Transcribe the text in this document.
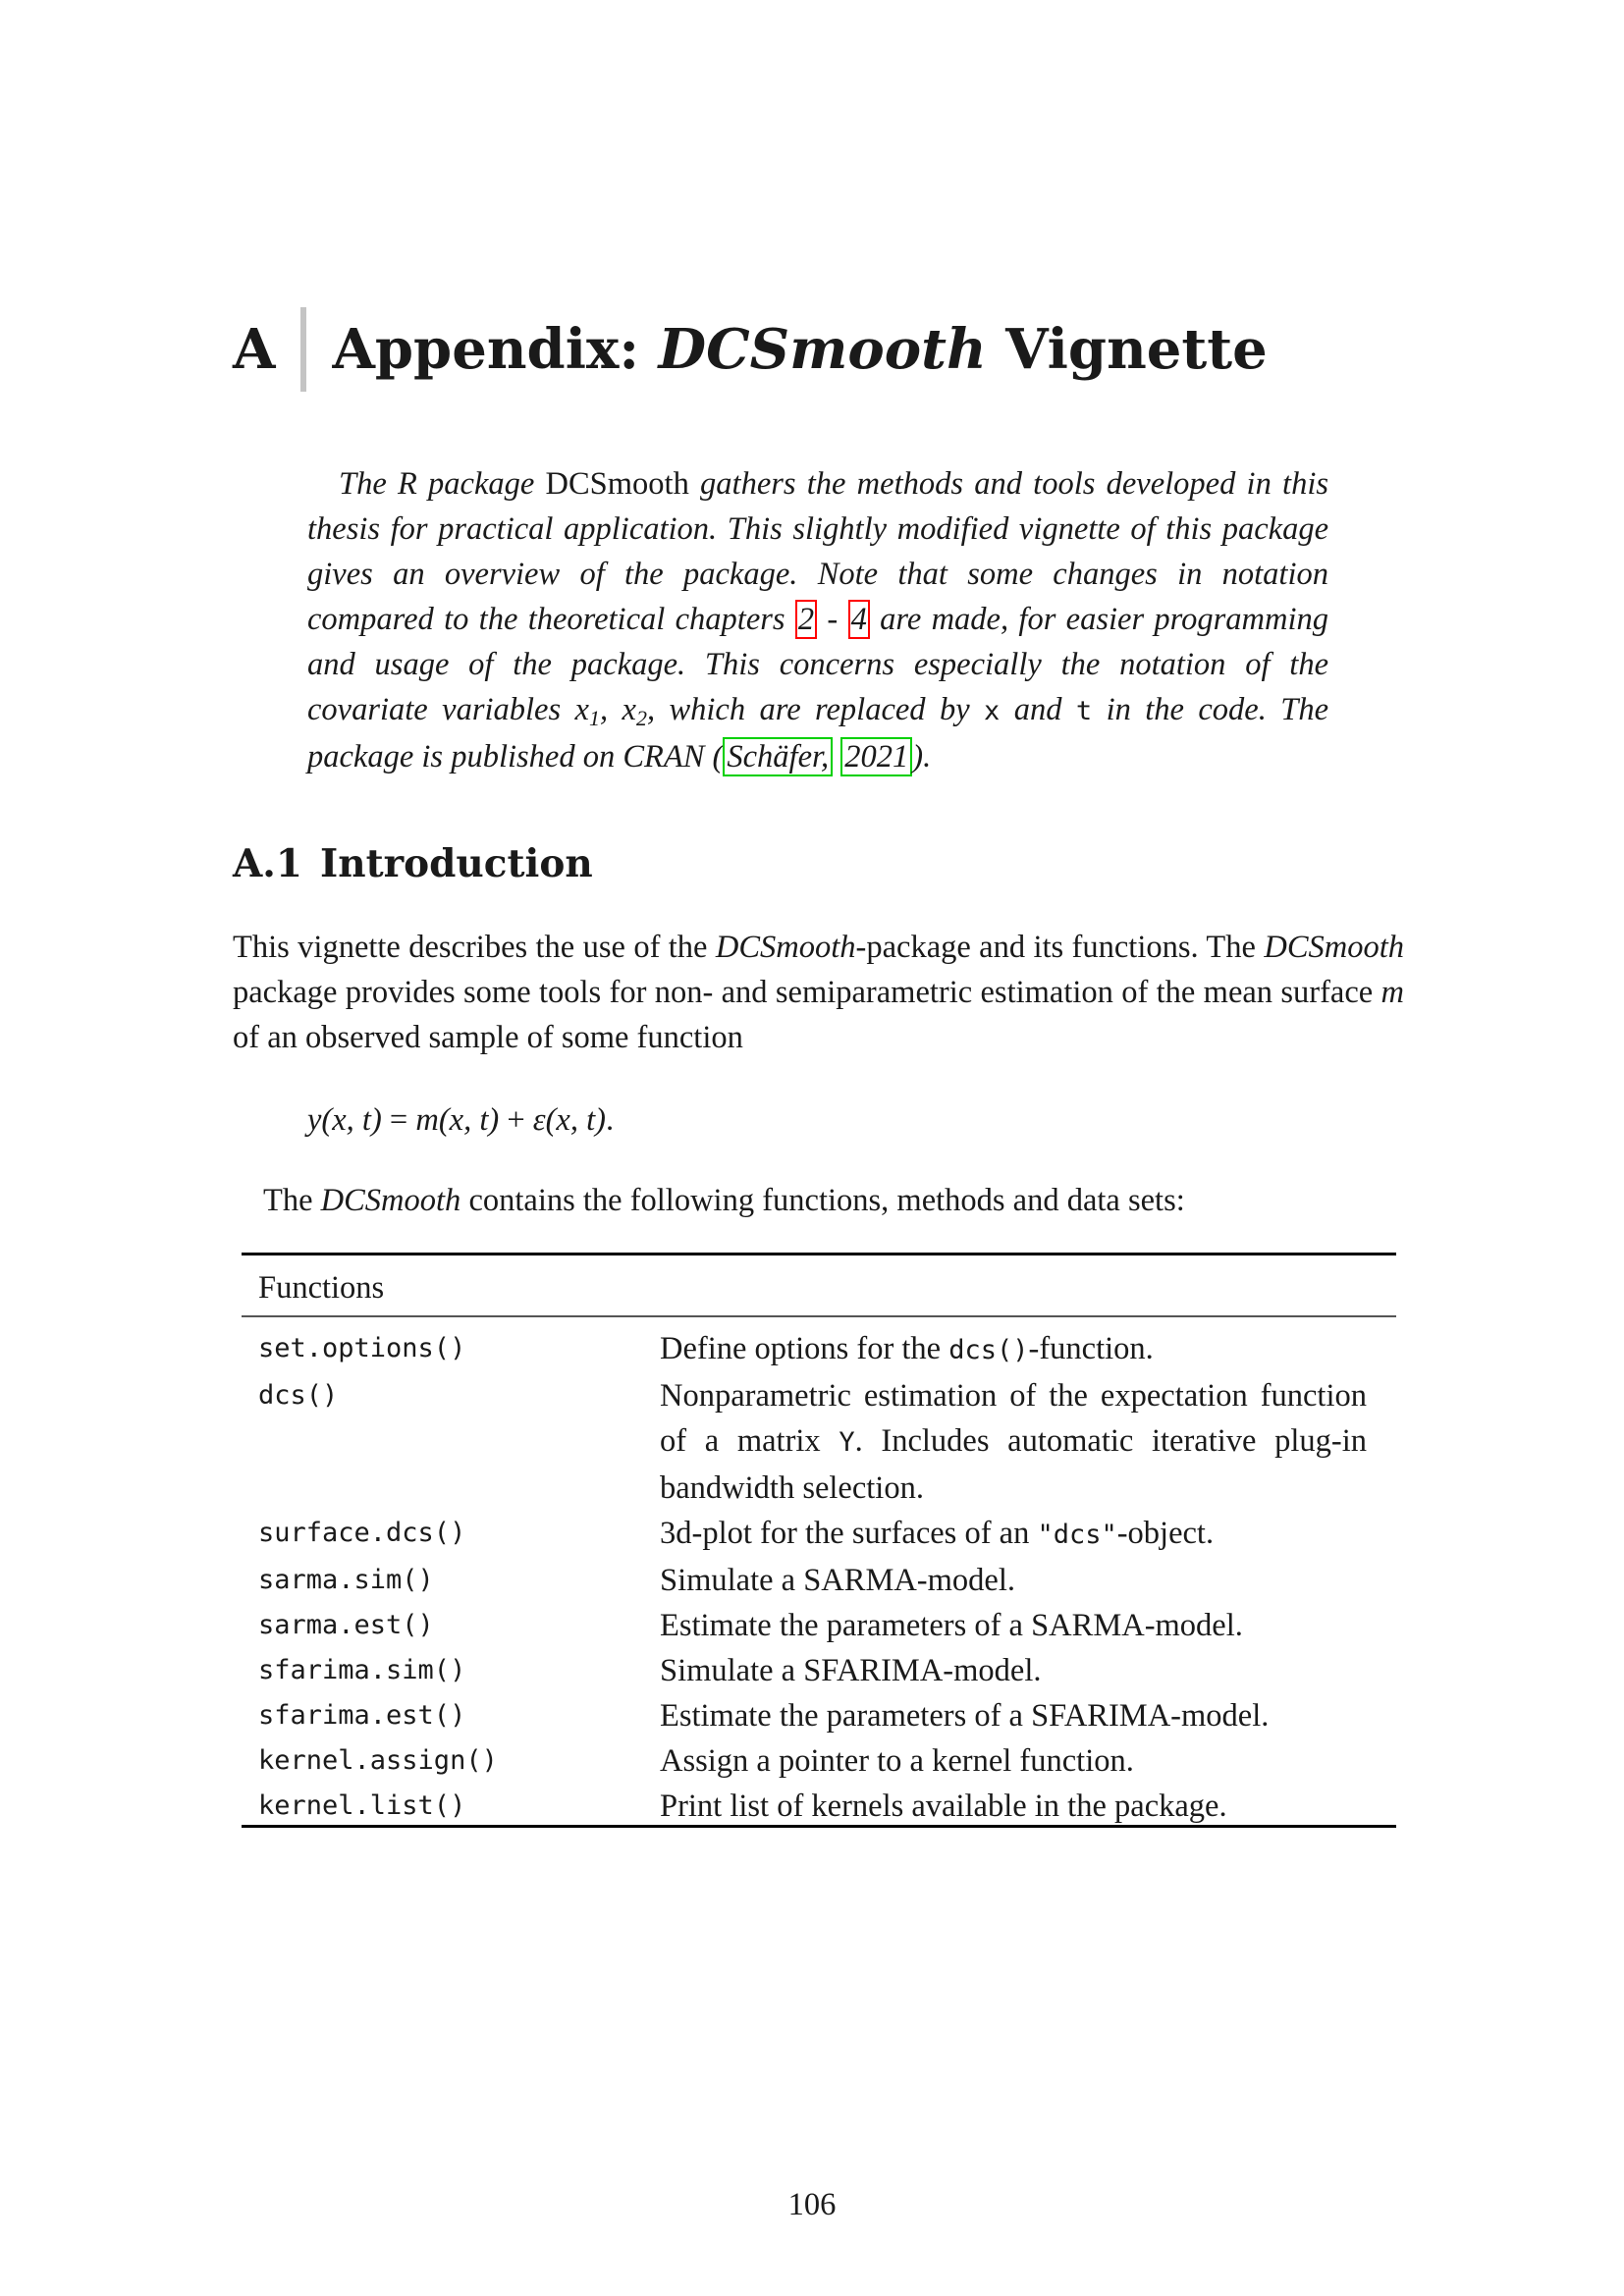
A Appendix: DCSmooth Vignette
The R package DCSmooth gathers the methods and tools developed in this thesis for practical application. This slightly modified vignette of this package gives an overview of the package. Note that some changes in notation compared to the theoretical chapters 2 - 4 are made, for easier programming and usage of the package. This concerns especially the notation of the covariate variables $x_1$, $x_2$, which are replaced by x and t in the code. The package is published on CRAN ( Schäfer, 2021 ).
A.1 Introduction
This vignette describes the use of the DCSmooth-package and its functions. The DCSmooth package provides some tools for non- and semiparametric estimation of the mean surface m of an observed sample of some function
y(x, t) = m(x, t) + ε(x, t).
The DCSmooth contains the following functions, methods and data sets:
Functions
set.options()	Define options for the dcs()-function.
dcs()	Nonparametric estimation of the expectation function of a matrix Y. Includes automatic iterative plug-in bandwidth selection.
surface.dcs()	3d-plot for the surfaces of an "dcs"-object.
sarma.sim()	Simulate a SARMA-model.
sarma.est()	Estimate the parameters of a SARMA-model.
sfarima.sim()	Simulate a SFARIMA-model.
sfarima.est()	Estimate the parameters of a SFARIMA-model.
kernel.assign()	Assign a pointer to a kernel function.
kernel.list()	Print list of kernels available in the package.
106
